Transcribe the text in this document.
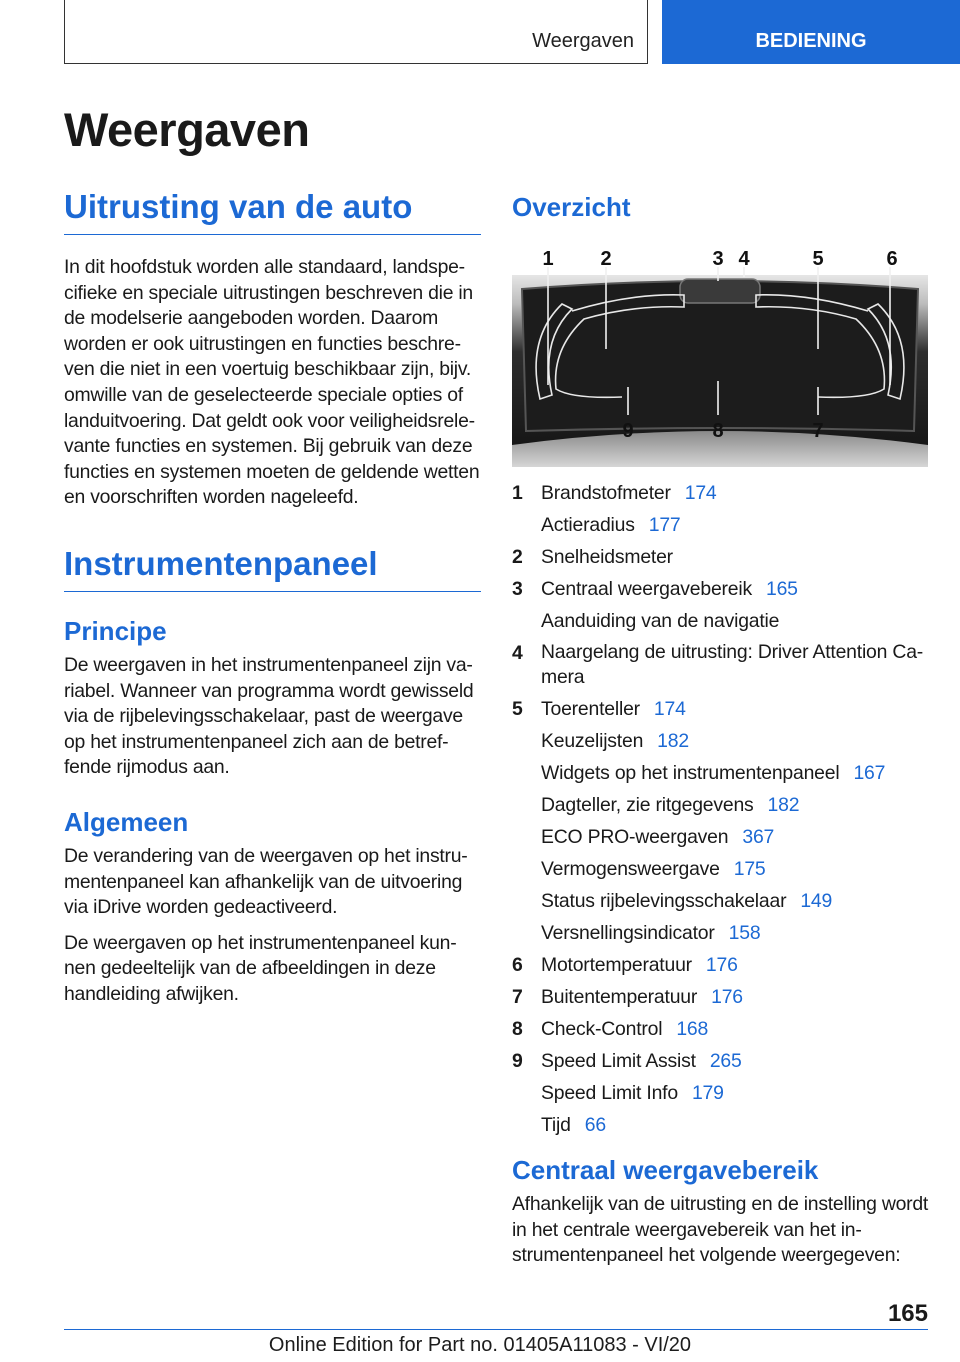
Weergaven	BEDIENING
Weergaven
Uitrusting van de auto

In dit hoofdstuk worden alle standaard, landspecifieke en speciale uitrustingen beschreven die in de modelserie aangeboden worden. Daarom worden er ook uitrustingen en functies beschreven die niet in een voertuig beschikbaar zijn, bijv. omwille van de geselecteerde speciale opties of landuitvoering. Dat geldt ook voor veiligheidsrelevante functies en systemen. Bij gebruik van deze functies en systemen moeten de geldende wetten en voorschriften worden nageleefd.

Instrumentenpaneel
Principe

De weergaven in het instrumentenpaneel zijn variabel. Wanneer van programma wordt gewisseld via de rijbelevingsschakelaar, past de weergave op het instrumentenpaneel zich aan de betreffende rijmodus aan.

Algemeen

De verandering van de weergaven op het instrumentenpaneel kan afhankelijk van de uitvoering via iDrive worden gedeactiveerd.

De weergaven op het instrumentenpaneel kunnen gedeeltelijk van de afbeeldingen in deze handleiding afwijken.

Overzicht
1 2	3 4	5	6
9	8	7
1 Brandstofmeter 174
Actieradius 177
2 Snelheidsmeter
3 Centraal weergavebereik 165
Aanduiding van de navigatie
4 Naargelang de uitrusting: Driver Attention Camera
5 Toerenteller 174
Keuzelijsten 182
Widgets op het instrumentenpaneel 167
Dagteller, zie ritgegevens 182
ECO PRO-weergaven 367
Vermogensweergave 175
Status rijbelevingsschakelaar 149
Versnellingsindicator 158
6 Motortemperatuur 176
7 Buitentemperatuur 176
8 Check-Control 168
9 Speed Limit Assist 265
Speed Limit Info 179
Tijd 66
Centraal weergavebereik

Afhankelijk van de uitrusting en de instelling wordt in het centrale weergavebereik van het instrumentenpaneel het volgende weergegeven:

165
Online Edition for Part no. 01405A11083 - VI/20
